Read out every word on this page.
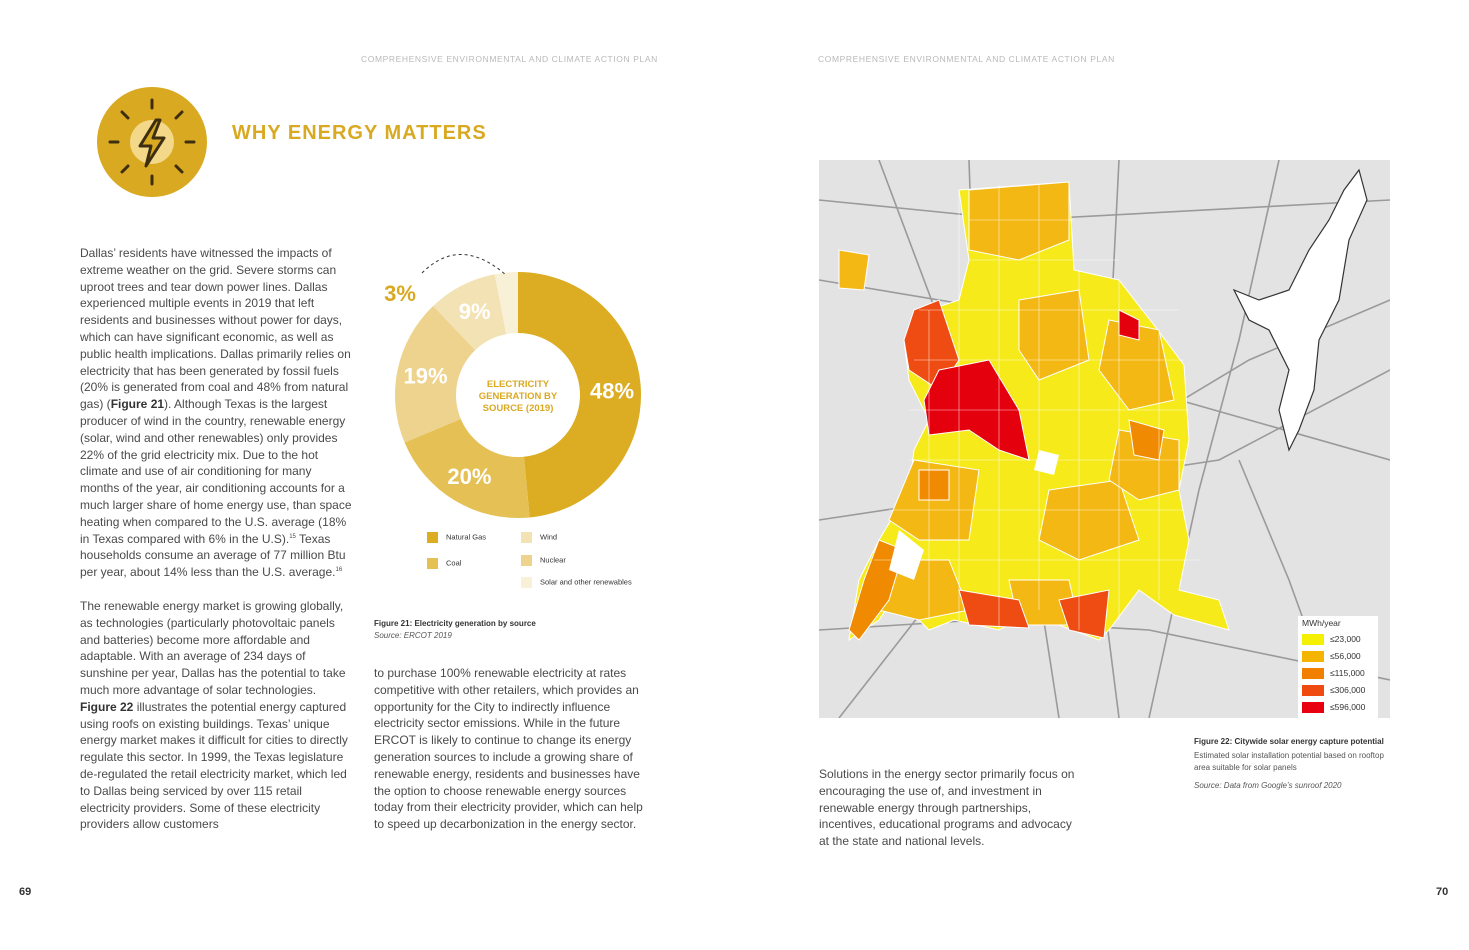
COMPREHENSIVE ENVIRONMENTAL AND CLIMATE ACTION PLAN	COMPREHENSIVE ENVIRONMENTAL AND CLIMATE ACTION PLAN
WHY ENERGY MATTERS

Dallas’ residents have witnessed the impacts of extreme weather on the grid. Severe storms can uproot trees and tear down power lines. Dallas experienced multiple events in 2019 that left residents and businesses without power for days, which can have significant economic, as well as public health implications. Dallas primarily relies on electricity that has been generated by fossil fuels (20% is generated from coal and 48% from natural gas) (Figure 21). Although Texas is the largest producer of wind in the country, renewable energy (solar, wind and other renewables) only provides 22% of the grid electricity mix. Due to the hot climate and use of air conditioning for many months of the year, air conditioning accounts for a much larger share of home energy use, than space heating when compared to the U.S. average (18% in Texas compared with 6% in the U.S).$^{15}$ Texas households consume an average of 77 million Btu per year, about 14% less than the U.S. average.$^{16}$

The renewable energy market is growing globally, as technologies (particularly photovoltaic panels and batteries) become more affordable and adaptable. With an average of 234 days of sunshine per year, Dallas has the potential to take much more advantage of solar technologies. Figure 22 illustrates the potential energy captured using roofs on existing buildings. Texas’ unique energy market makes it difficult for cities to directly regulate this sector. In 1999, the Texas legislature de-regulated the retail electricity market, which led to Dallas being serviced by over 115 retail electricity providers. Some of these electricity providers allow customers

48%
20%
19%
9%
3%
ELECTRICITY
GENERATION BY
SOURCE (2019)
Natural Gas
Coal
Wind
Nuclear
Solar and other renewables
Figure 21: Electricity generation by source
Source: ERCOT 2019

to purchase 100% renewable electricity at rates competitive with other retailers, which provides an opportunity for the City to indirectly influence electricity sector emissions. While in the future ERCOT is likely to continue to change its energy generation sources to include a growing share of renewable energy, residents and businesses have the option to choose renewable energy sources today from their electricity provider, which can help to speed up decarbonization in the energy sector.

MWh/year
≤23,000
≤56,000
≤115,000
≤306,000
≤596,000
Figure 22: Citywide solar energy capture potential
Estimated solar installation potential based on rooftop area suitable for solar panels
Source: Data from Google’s sunroof 2020

Solutions in the energy sector primarily focus on encouraging the use of, and investment in renewable energy through partnerships, incentives, educational programs and advocacy at the state and national levels.

69	70
